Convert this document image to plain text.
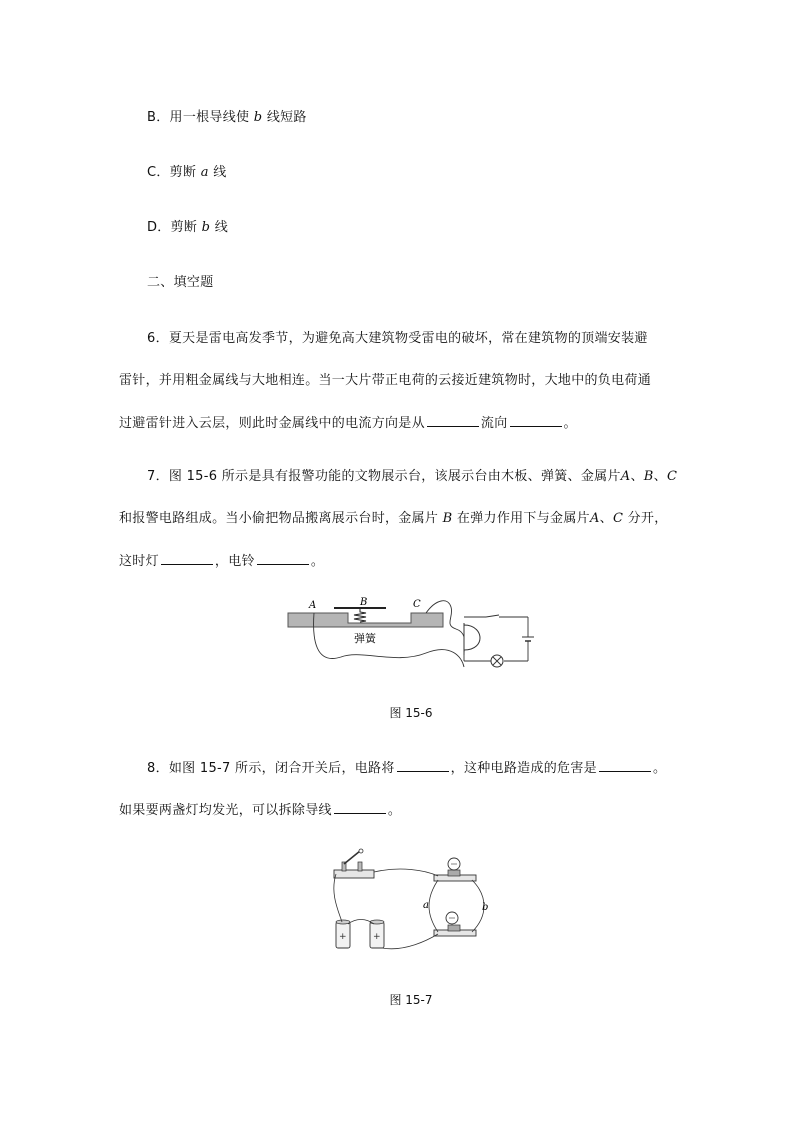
B．用一根导线使 b 线短路
C．剪断 a 线
D．剪断 b 线
二、填空题
6．夏天是雷电高发季节，为避免高大建筑物受雷电的破坏，常在建筑物的顶端安装避
雷针，并用粗金属线与大地相连。当一大片带正电荷的云接近建筑物时，大地中的负电荷通
过避雷针进入云层，则此时金属线中的电流方向是从	流向	。
7．图 15-6 所示是具有报警功能的文物展示台，该展示台由木板、弹簧、金属片A、B、C
和报警电路组成。当小偷把物品搬离展示台时，金属片 B 在弹力作用下与金属片A、C 分开，
这时灯	，电铃	。
A	B	C
弹簧
图 15-6
8．如图 15-7 所示，闭合开关后，电路将	，这种电路造成的危害是	。
如果要两盏灯均发光，可以拆除导线	。
+	+
a	b
图 15-7
